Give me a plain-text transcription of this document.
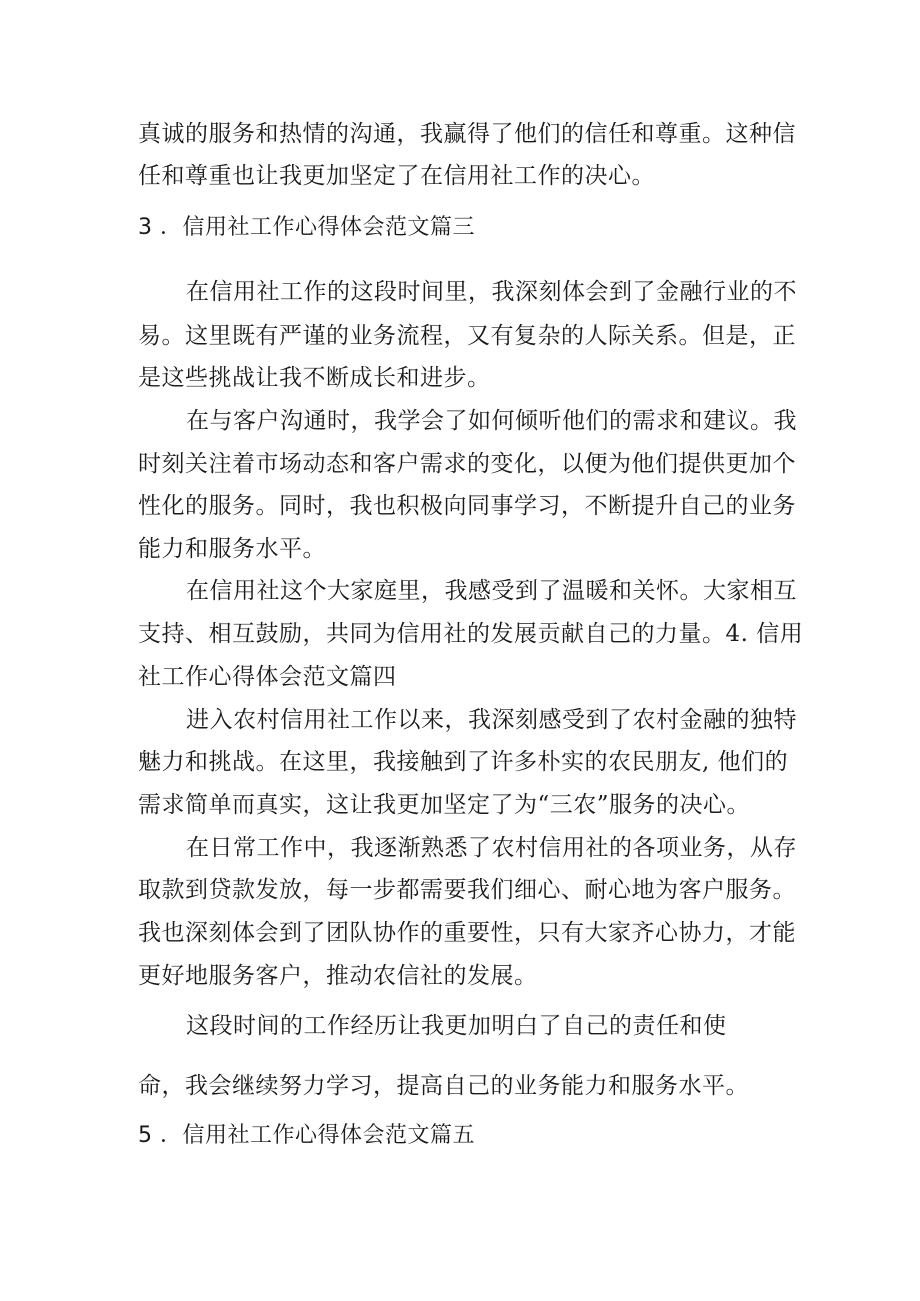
真诚的服务和热情的沟通，我赢得了他们的信任和尊重。这种信
任和尊重也让我更加坚定了在信用社工作的决心。
3 ．信用社工作心得体会范文篇三
在信用社工作的这段时间里，我深刻体会到了金融行业的不
易。这里既有严谨的业务流程，又有复杂的人际关系。但是，正
是这些挑战让我不断成长和进步。
在与客户沟通时，我学会了如何倾听他们的需求和建议。我
时刻关注着市场动态和客户需求的变化，以便为他们提供更加个
性化的服务。同时，我也积极向同事学习，不断提升自己的业务
能力和服务水平。
在信用社这个大家庭里，我感受到了温暖和关怀。大家相互
支持、相互鼓励，共同为信用社的发展贡献自己的力量。4. 信用
社工作心得体会范文篇四
进入农村信用社工作以来，我深刻感受到了农村金融的独特
魅力和挑战。在这里，我接触到了许多朴实的农民朋友, 他们的
需求简单而真实，这让我更加坚定了为“三农”服务的决心。
在日常工作中，我逐渐熟悉了农村信用社的各项业务，从存
取款到贷款发放，每一步都需要我们细心、耐心地为客户服务。
我也深刻体会到了团队协作的重要性，只有大家齐心协力，才能
更好地服务客户，推动农信社的发展。
这段时间的工作经历让我更加明白了自己的责任和使
命，我会继续努力学习，提高自己的业务能力和服务水平。
5 ．信用社工作心得体会范文篇五
